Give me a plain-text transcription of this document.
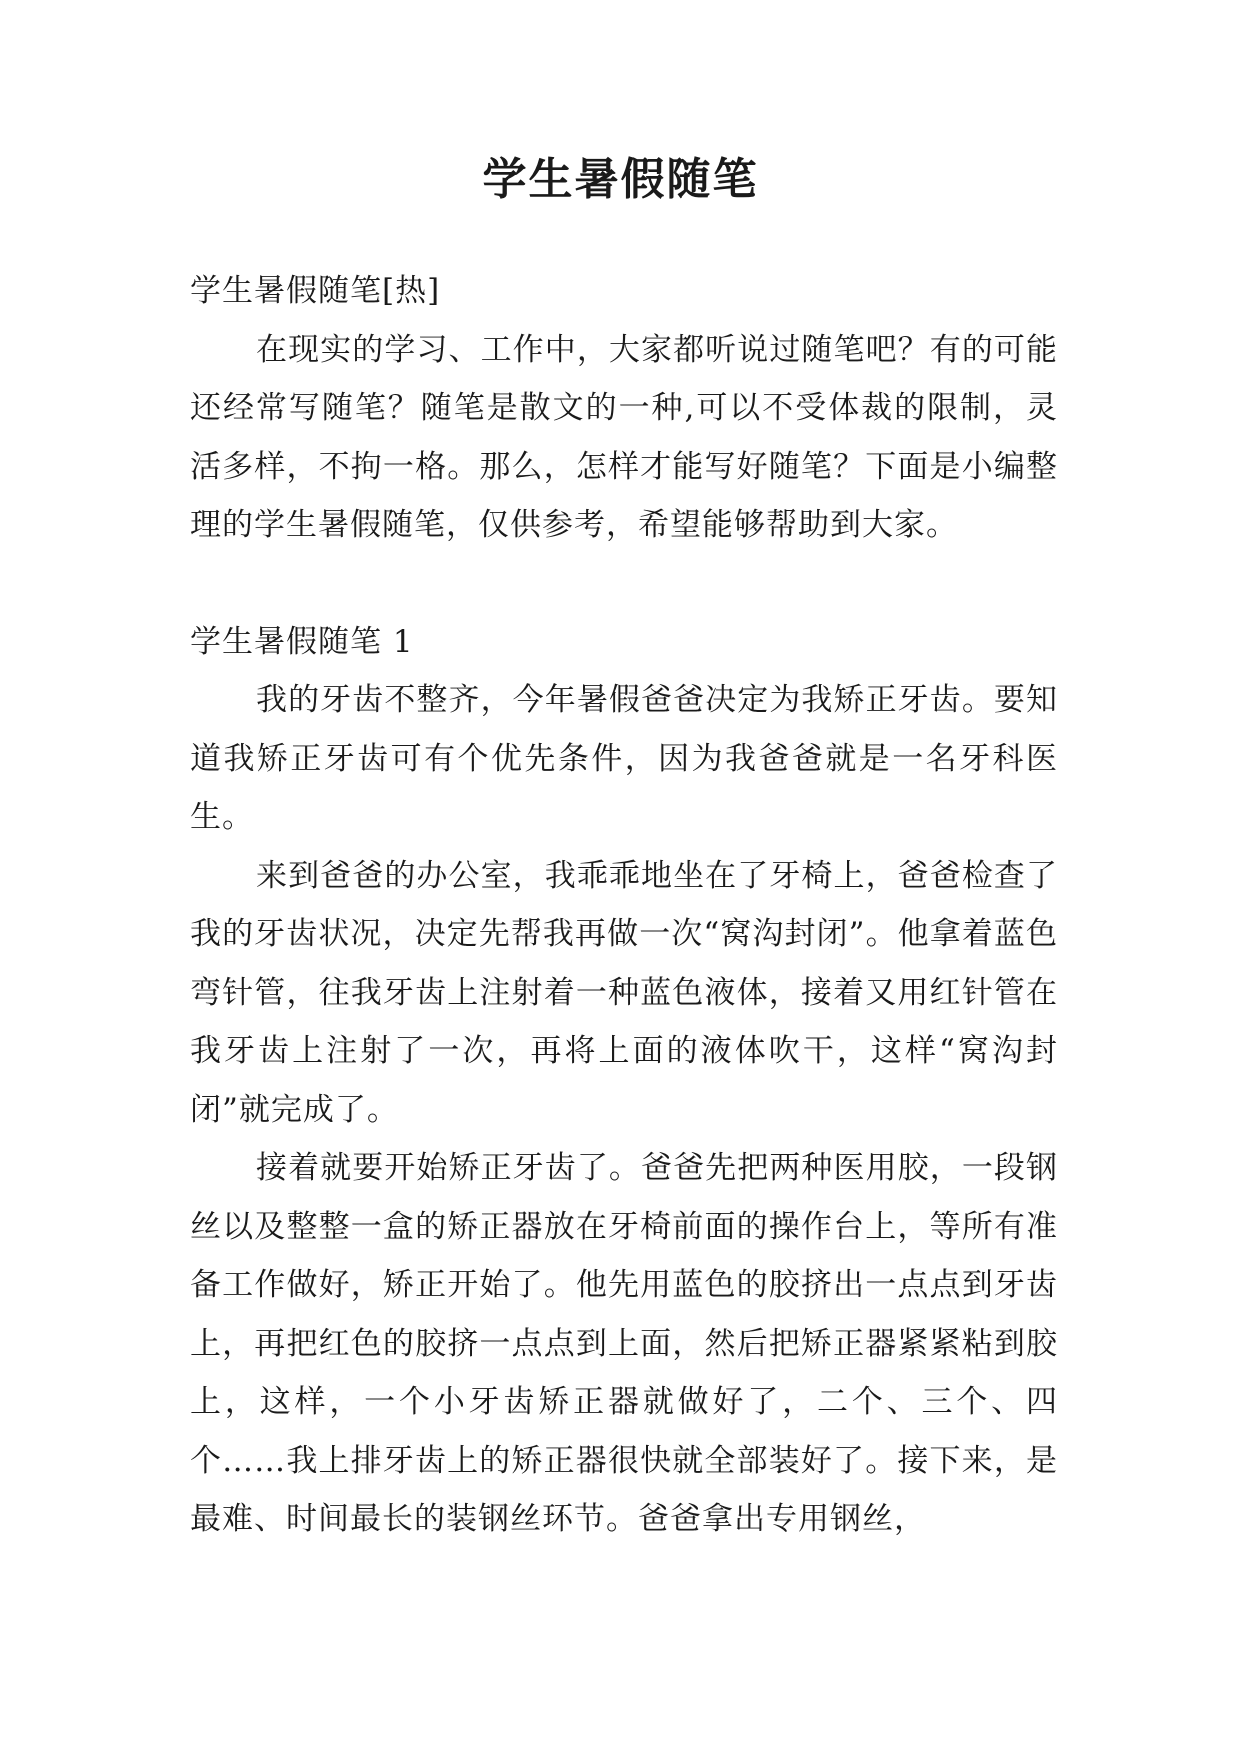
学生暑假随笔

学生暑假随笔[热]

在现实的学习、工作中，大家都听说过随笔吧？有的可能还经常写随笔？随笔是散文的一种,可以不受体裁的限制，灵活多样，不拘一格。那么，怎样才能写好随笔？下面是小编整理的学生暑假随笔，仅供参考，希望能够帮助到大家。

学生暑假随笔 1

我的牙齿不整齐，今年暑假爸爸决定为我矫正牙齿。要知道我矫正牙齿可有个优先条件，因为我爸爸就是一名牙科医生。

来到爸爸的办公室，我乖乖地坐在了牙椅上，爸爸检查了我的牙齿状况，决定先帮我再做一次“窝沟封闭”。他拿着蓝色弯针管，往我牙齿上注射着一种蓝色液体，接着又用红针管在我牙齿上注射了一次，再将上面的液体吹干，这样“窝沟封闭”就完成了。

接着就要开始矫正牙齿了。爸爸先把两种医用胶，一段钢丝以及整整一盒的矫正器放在牙椅前面的操作台上，等所有准备工作做好，矫正开始了。他先用蓝色的胶挤出一点点到牙齿上，再把红色的胶挤一点点到上面，然后把矫正器紧紧粘到胶上，这样，一个小牙齿矫正器就做好了，二个、三个、四个……我上排牙齿上的矫正器很快就全部装好了。接下来，是最难、时间最长的装钢丝环节。爸爸拿出专用钢丝，
